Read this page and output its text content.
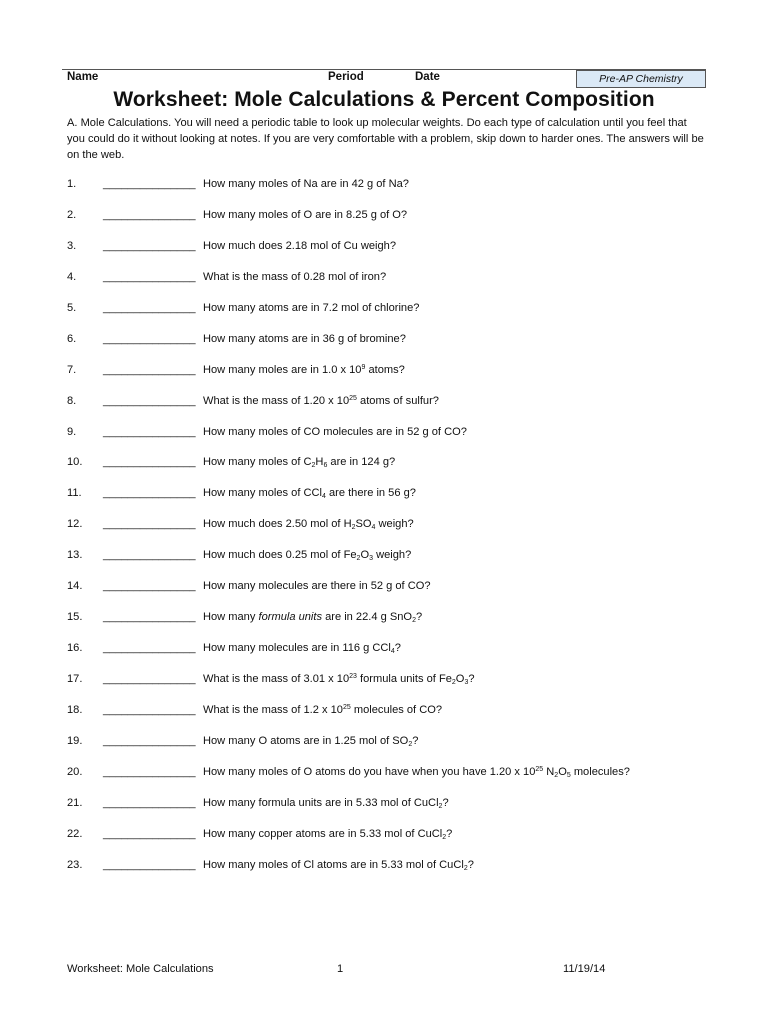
Name	Period	Date	Pre-AP Chemistry
Worksheet: Mole Calculations & Percent Composition
A. Mole Calculations. You will need a periodic table to look up molecular weights. Do each type of calculation until you feel that you could do it without looking at notes. If you are very comfortable with a problem, skip down to harder ones. The answers will be on the web.
1. _______________ How many moles of Na are in 42 g of Na?
2. _______________ How many moles of O are in 8.25 g of O?
3. _______________ How much does 2.18 mol of Cu weigh?
4. _______________ What is the mass of 0.28 mol of iron?
5. _______________ How many atoms are in 7.2 mol of chlorine?
6. _______________ How many atoms are in 36 g of bromine?
7. _______________ How many moles are in 1.0 x $10^9$ atoms?
8. _______________ What is the mass of 1.20 x $10^{25}$ atoms of sulfur?
9. _______________ How many moles of CO molecules are in 52 g of CO?
10. _______________ How many moles of $C_2H_6$ are in 124 g?
11. _______________ How many moles of CCl$_4$ are there in 56 g?
12. _______________ How much does 2.50 mol of $H_2SO_4$ weigh?
13. _______________ How much does 0.25 mol of $Fe_2O_3$ weigh?
14. _______________ How many molecules are there in 52 g of CO?
15. _______________ How many formula units are in 22.4 g SnO$_2$?
16. _______________ How many molecules are in 116 g CCl$_4$?
17. _______________ What is the mass of 3.01 x $10^{23}$ formula units of $Fe_2O_3$?
18. _______________ What is the mass of 1.2 x $10^{25}$ molecules of CO?
19. _______________ How many O atoms are in 1.25 mol of $SO_2$?
20. _______________ How many moles of O atoms do you have when you have 1.20 x $10^{25}$ $N_2O_5$ molecules?
21. _______________ How many formula units are in 5.33 mol of CuCl$_2$?
22. _______________ How many copper atoms are in 5.33 mol of CuCl$_2$?
23. _______________ How many moles of Cl atoms are in 5.33 mol of CuCl$_2$?
Worksheet: Mole Calculations	1	11/19/14
